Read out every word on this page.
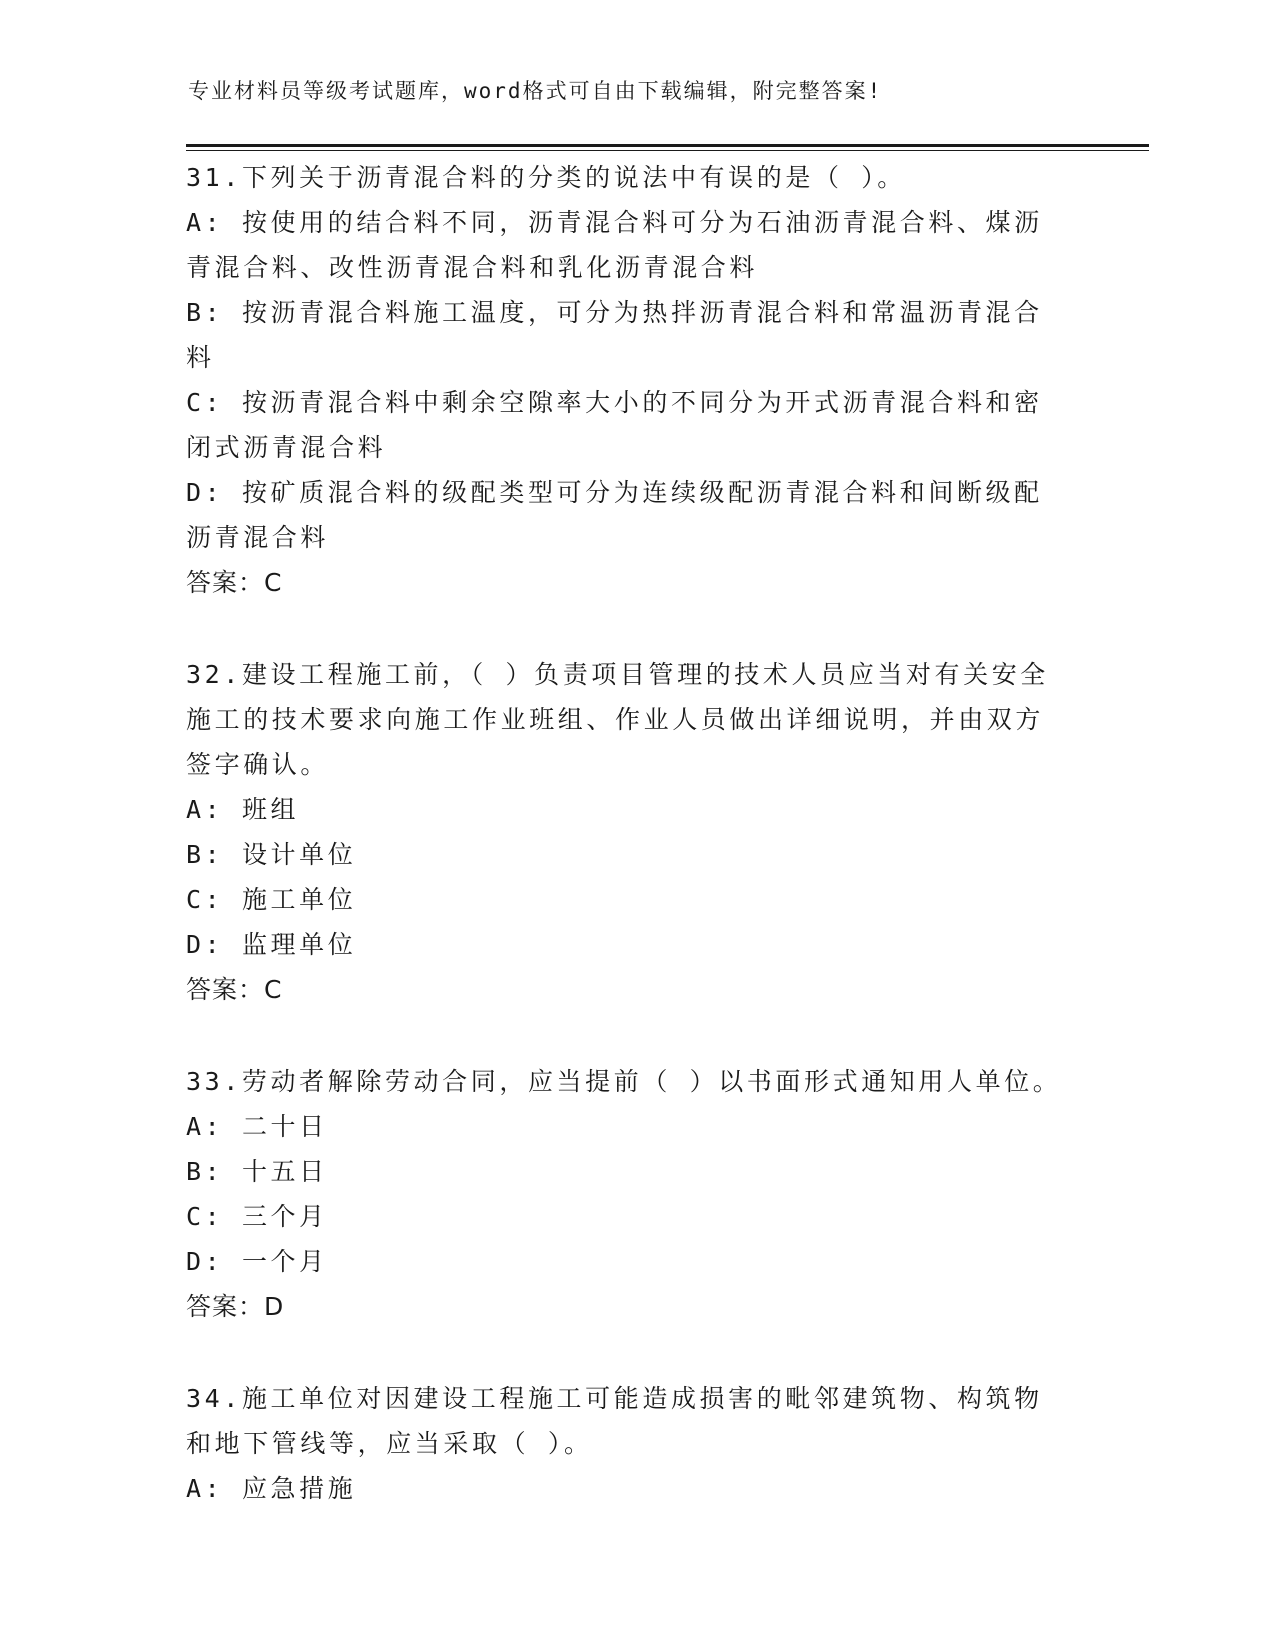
专业材料员等级考试题库，word格式可自由下载编辑，附完整答案!
31.下列关于沥青混合料的分类的说法中有误的是（ ）。
A: 按使用的结合料不同，沥青混合料可分为石油沥青混合料、煤沥青混合料、改性沥青混合料和乳化沥青混合料
B: 按沥青混合料施工温度，可分为热拌沥青混合料和常温沥青混合料
C: 按沥青混合料中剩余空隙率大小的不同分为开式沥青混合料和密闭式沥青混合料
D: 按矿质混合料的级配类型可分为连续级配沥青混合料和间断级配沥青混合料
答案：C
32.建设工程施工前，（ ）负责项目管理的技术人员应当对有关安全施工的技术要求向施工作业班组、作业人员做出详细说明，并由双方签字确认。
A: 班组
B: 设计单位
C: 施工单位
D: 监理单位
答案：C
33.劳动者解除劳动合同，应当提前（ ）以书面形式通知用人单位。
A: 二十日
B: 十五日
C: 三个月
D: 一个月
答案：D
34.施工单位对因建设工程施工可能造成损害的毗邻建筑物、构筑物和地下管线等，应当采取（ ）。
A: 应急措施
